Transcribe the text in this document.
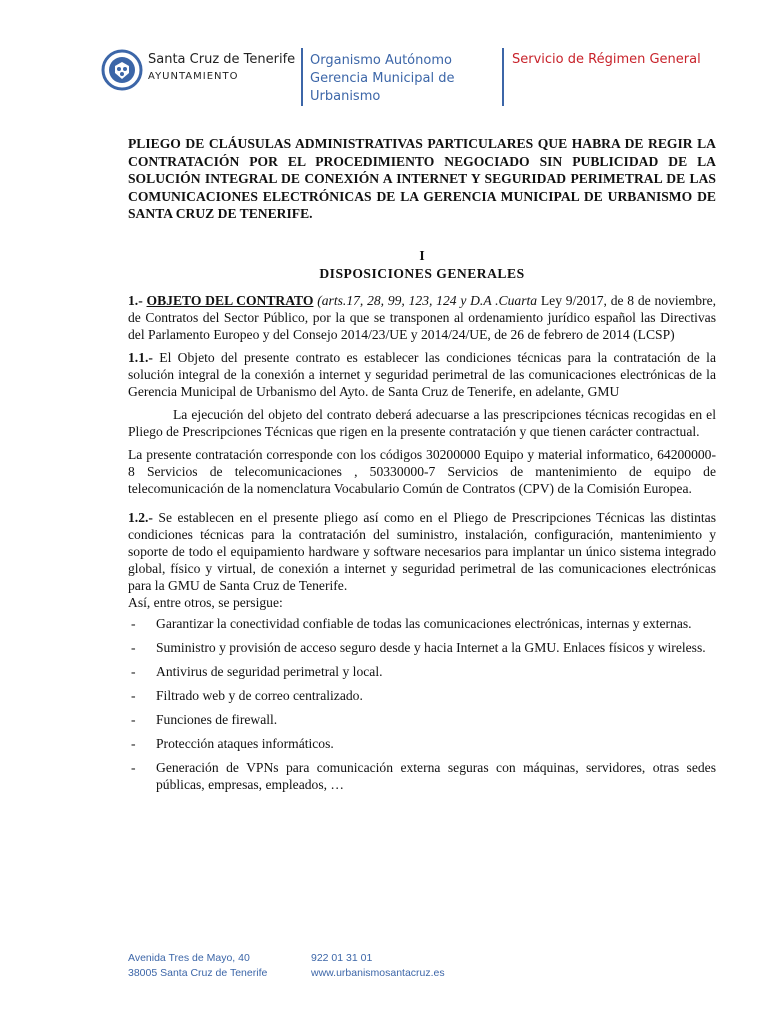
Santa Cruz de Tenerife
AYUNTAMIENTO
Organismo Autónomo
Gerencia Municipal de
Urbanismo
Servicio de Régimen General

PLIEGO DE CLÁUSULAS ADMINISTRATIVAS PARTICULARES QUE HABRA DE REGIR LA CONTRATACIÓN POR EL PROCEDIMIENTO NEGOCIADO SIN PUBLICIDAD DE LA SOLUCIÓN INTEGRAL DE CONEXIÓN A INTERNET Y SEGURIDAD PERIMETRAL DE LAS COMUNICACIONES ELECTRÓNICAS DE LA GERENCIA MUNICIPAL DE URBANISMO DE SANTA CRUZ DE TENERIFE.

I
DISPOSICIONES GENERALES

1.- OBJETO DEL CONTRATO (arts.17, 28, 99, 123, 124 y D.A .Cuarta Ley 9/2017, de 8 de noviembre, de Contratos del Sector Público, por la que se transponen al ordenamiento jurídico español las Directivas del Parlamento Europeo y del Consejo 2014/23/UE y 2014/24/UE, de 26 de febrero de 2014 (LCSP)

1.1.- El Objeto del presente contrato es establecer las condiciones técnicas para la contratación de la solución integral de la conexión a internet y seguridad perimetral de las comunicaciones electrónicas de la Gerencia Municipal de Urbanismo del Ayto. de Santa Cruz de Tenerife, en adelante, GMU

La ejecución del objeto del contrato deberá adecuarse a las prescripciones técnicas recogidas en el Pliego de Prescripciones Técnicas que rigen en la presente contratación y que tienen carácter contractual.

La presente contratación corresponde con los códigos 30200000 Equipo y material informatico, 64200000-8 Servicios de telecomunicaciones , 50330000-7 Servicios de mantenimiento de equipo de telecomunicación de la nomenclatura Vocabulario Común de Contratos (CPV) de la Comisión Europea.

1.2.- Se establecen en el presente pliego así como en el Pliego de Prescripciones Técnicas las distintas condiciones técnicas para la contratación del suministro, instalación, configuración, mantenimiento y soporte de todo el equipamiento hardware y software necesarios para implantar un único sistema integrado global, físico y virtual, de conexión a internet y seguridad perimetral de las comunicaciones electrónicas para la GMU de Santa Cruz de Tenerife.

Así, entre otros, se persigue:

- Garantizar la conectividad confiable de todas las comunicaciones electrónicas, internas y externas.
- Suministro y provisión de acceso seguro desde y hacia Internet a la GMU. Enlaces físicos y wireless.
- Antivirus de seguridad perimetral y local.
- Filtrado web y de correo centralizado.
- Funciones de firewall.
- Protección ataques informáticos.
- Generación de VPNs para comunicación externa seguras con máquinas, servidores, otras sedes públicas, empresas, empleados, …
Avenida Tres de Mayo, 40
38005 Santa Cruz de Tenerife
922 01 31 01
www.urbanismosantacruz.es
